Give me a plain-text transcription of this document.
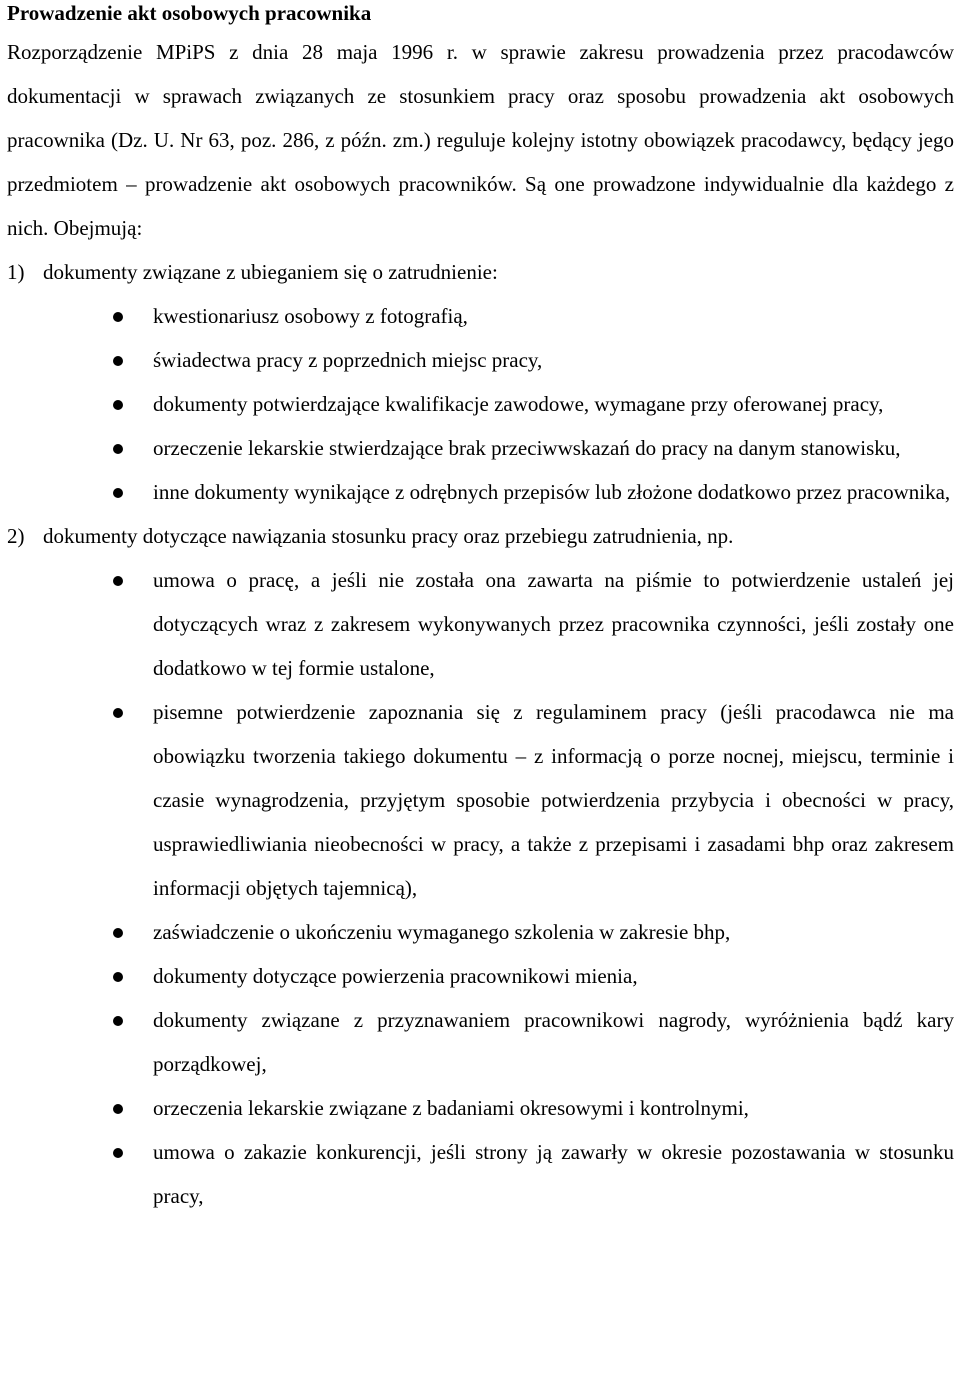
Prowadzenie akt osobowych pracownika

Rozporządzenie MPiPS z dnia 28 maja 1996 r. w sprawie zakresu prowadzenia przez pracodawców dokumentacji w sprawach związanych ze stosunkiem pracy oraz sposobu prowadzenia akt osobowych pracownika (Dz. U. Nr 63, poz. 286, z późn. zm.) reguluje kolejny istotny obowiązek pracodawcy, będący jego przedmiotem – prowadzenie akt osobowych pracowników. Są one prowadzone indywidualnie dla każdego z nich. Obejmują:

1) dokumenty związane z ubieganiem się o zatrudnienie:
kwestionariusz osobowy z fotografią,
świadectwa pracy z poprzednich miejsc pracy,
dokumenty potwierdzające kwalifikacje zawodowe, wymagane przy oferowanej pracy,
orzeczenie lekarskie stwierdzające brak przeciwwskazań do pracy na danym stanowisku,
inne dokumenty wynikające z odrębnych przepisów lub złożone dodatkowo przez pracownika,
2) dokumenty dotyczące nawiązania stosunku pracy oraz przebiegu zatrudnienia, np.
umowa o pracę, a jeśli nie została ona zawarta na piśmie to potwierdzenie ustaleń jej dotyczących wraz z zakresem wykonywanych przez pracownika czynności, jeśli zostały one dodatkowo w tej formie ustalone,
pisemne potwierdzenie zapoznania się z regulaminem pracy (jeśli pracodawca nie ma obowiązku tworzenia takiego dokumentu – z informacją o porze nocnej, miejscu, terminie i czasie wynagrodzenia, przyjętym sposobie potwierdzenia przybycia i obecności w pracy, usprawiedliwiania nieobecności w pracy, a także z przepisami i zasadami bhp oraz zakresem informacji objętych tajemnicą),
zaświadczenie o ukończeniu wymaganego szkolenia w zakresie bhp,
dokumenty dotyczące powierzenia pracownikowi mienia,
dokumenty związane z przyznawaniem pracownikowi nagrody, wyróżnienia bądź kary porządkowej,
orzeczenia lekarskie związane z badaniami okresowymi i kontrolnymi,
umowa o zakazie konkurencji, jeśli strony ją zawarły w okresie pozostawania w stosunku pracy,
